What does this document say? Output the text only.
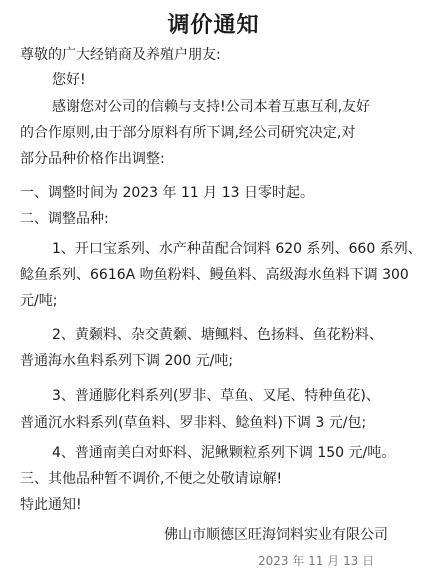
调价通知
尊敬的广大经销商及养殖户朋友:
您好!
感谢您对公司的信赖与支持!公司本着互惠互利,友好
的合作原则,由于部分原料有所下调,经公司研究决定,对
部分品种价格作出调整:
一、调整时间为 2023 年 11 月 13 日零时起。
二、调整品种:
1、开口宝系列、水产种苗配合饲料 620 系列、660 系列、
鲶鱼系列、6616A 吻鱼粉料、鳗鱼料、高级海水鱼料下调 300
元/吨;
2、黄颡料、杂交黄颡、塘鲺料、色扬料、鱼花粉料、
普通海水鱼料系列下调 200 元/吨;
3、普通膨化料系列(罗非、草鱼、叉尾、特种鱼花)、
普通沉水料系列(草鱼料、罗非料、鲶鱼料)下调 3 元/包;
4、普通南美白对虾料、泥鳅颗粒系列下调 150 元/吨。
三、其他品种暂不调价,不便之处敬请谅解!
特此通知!
佛山市顺德区旺海饲料实业有限公司
2023 年 11 月 13 日
